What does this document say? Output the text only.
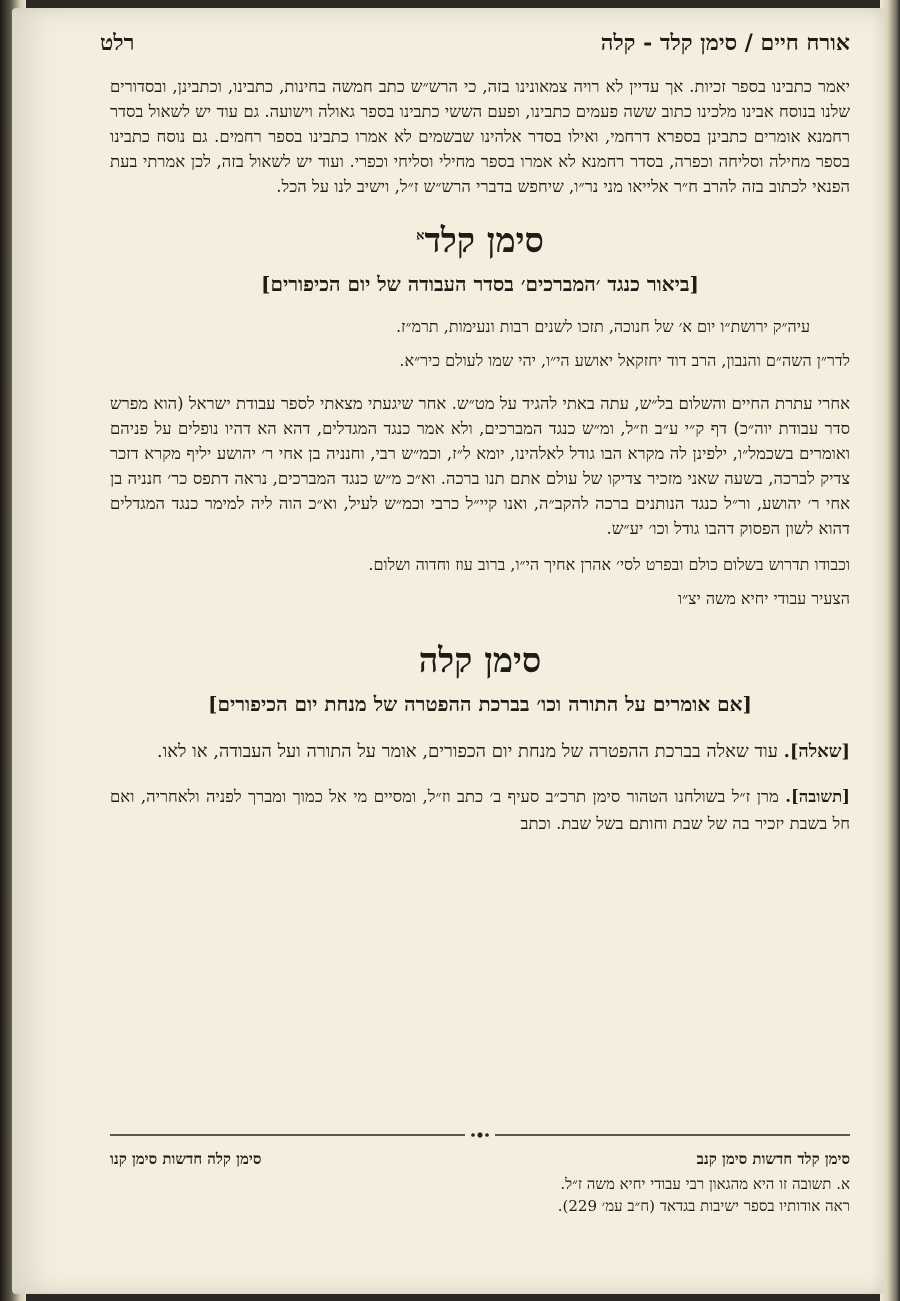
אורח חיים / סימן קלד - קלה
רלט

יאמר כתבינו בספר זכיות. אך עדיין לא רויה צמאונינו בזה, כי הרש״ש כתב חמשה בחינות, כתבינו, וכתבינן, ובסדורים שלנו בנוסח אבינו מלכינו כתוב ששה פעמים כתבינו, ופעם הששי כתבינו בספר גאולה וישועה. גם עוד יש לשאול בסדר רחמנא אומרים כתבינן בספרא דרחמי, ואילו בסדר אלהינו שבשמים לא אמרו כתבינו בספר רחמים. גם נוסח כתבינו בספר מחילה וסליחה וכפרה, בסדר רחמנא לא אמרו בספר מחילי וסליחי וכפרי. ועוד יש לשאול בזה, לכן אמרתי בעת הפנאי לכתוב בזה להרב ח״ר אלייאו מני נר״ו, שיחפש בדברי הרש״ש ז״ל, וישיב לנו על הכל.

סימן קלד$^א$
[ביאור כנגד ׳המברכים׳ בסדר העבודה של יום הכיפורים]

עיה״ק ירושת״ו יום א׳ של חנוכה, תזכו לשנים רבות ונעימות, תרמ״ז.

לדר״ן השה״ם והנבון, הרב דוד יחזקאל יאושע הי״ו, יהי שמו לעולם כיר״א.

אחרי עתרת החיים והשלום בל״ש, עתה באתי להגיד על מט״ש. אחר שיגעתי מצאתי לספר עבודת ישראל (הוא מפרש סדר עבודת יוה״כ) דף ק״י ע״ב וז״ל, ומ״ש כנגד המברכים, ולא אמר כנגד המגדלים, דהא הא דהיו נופלים על פניהם ואומרים בשכמל״ו, ילפינן לה מקרא הבו גודל לאלהינו, יומא ל״ז, וכמ״ש רבי, וחנניה בן אחי ר׳ יהושע יליף מקרא דזכר צדיק לברכה, בשעה שאני מזכיר צדיקו של עולם אתם תנו ברכה. וא״כ מ״ש כנגד המברכים, נראה דתפס כר׳ חנניה בן אחי ר׳ יהושע, ור״ל כנגד הנותנים ברכה להקב״ה, ואנו קיי״ל כרבי וכמ״ש לעיל, וא״כ הוה ליה למימר כנגד המגדלים דהוא לשון הפסוק דהבו גודל וכו׳ יע״ש.

וכבודו תדרוש בשלום כולם ובפרט לסי׳ אהרן אחיך הי״ו, ברוב עוז וחדוה ושלום.

הצעיר עבודי יחיא משה יצ״ו

סימן קלה
[אם אומרים על התורה וכו׳ בברכת ההפטרה של מנחת יום הכיפורים]

[שאלה]. עוד שאלה בברכת ההפטרה של מנחת יום הכפורים, אומר על התורה ועל העבודה, או לאו.

[תשובה]. מרן ז״ל בשולחנו הטהור סימן תרכ״ב סעיף ב׳ כתב וז״ל, ומסיים מי אל כמוך ומברך לפניה ולאחריה, ואם חל בשבת יזכיר בה של שבת וחותם בשל שבת. וכתב

סימן קלד חדשות סימן קנב
סימן קלה חדשות סימן קנו
א. תשובה זו היא מהגאון רבי עבודי יחיא משה ז״ל.
ראה אודותיו בספר ישיבות בגדאד (ח״ב עמ׳ 229).
